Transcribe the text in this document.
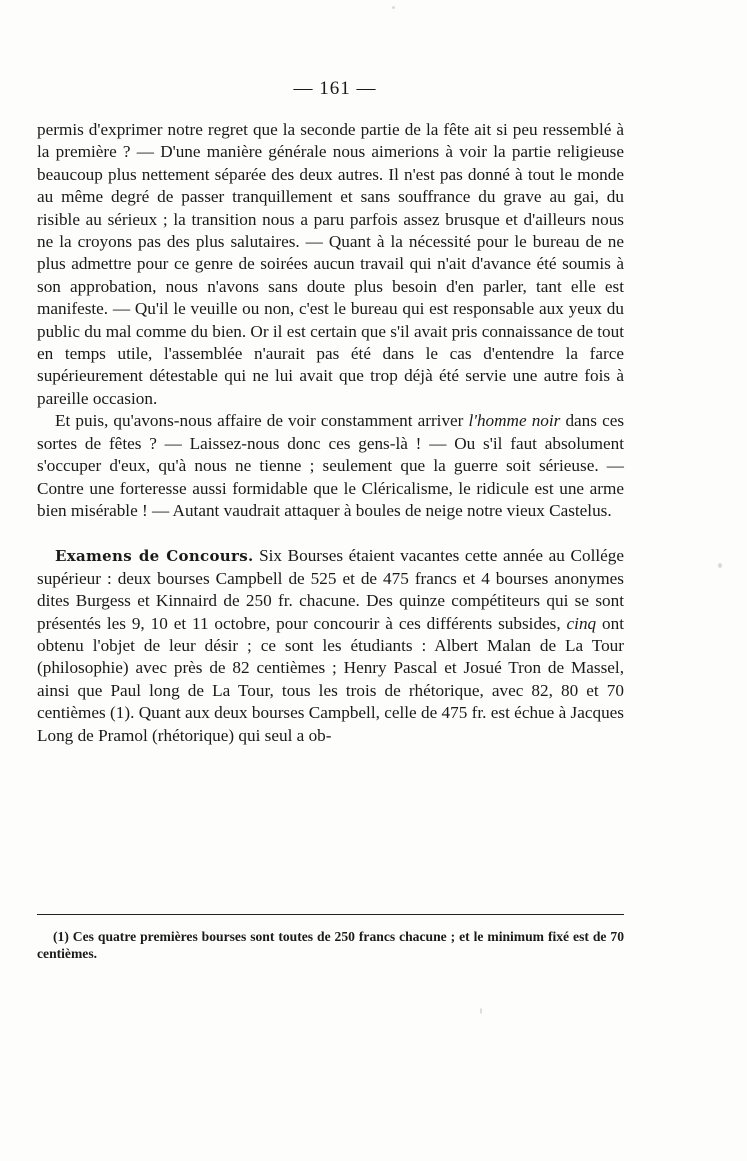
— 161 —

permis d'exprimer notre regret que la seconde partie de la fête ait si peu ressemblé à la première ? — D'une manière générale nous aimerions à voir la partie religieuse beaucoup plus nettement séparée des deux autres. Il n'est pas donné à tout le monde au même degré de passer tranquillement et sans souffrance du grave au gai, du risible au sérieux ; la transition nous a paru parfois assez brusque et d'ailleurs nous ne la croyons pas des plus salutaires. — Quant à la nécessité pour le bureau de ne plus admettre pour ce genre de soirées aucun travail qui n'ait d'avance été soumis à son approbation, nous n'avons sans doute plus besoin d'en parler, tant elle est manifeste. — Qu'il le veuille ou non, c'est le bureau qui est responsable aux yeux du public du mal comme du bien. Or il est certain que s'il avait pris connaissance de tout en temps utile, l'assemblée n'aurait pas été dans le cas d'entendre la farce supérieurement détestable qui ne lui avait que trop déjà été servie une autre fois à pareille occasion.

Et puis, qu'avons-nous affaire de voir constamment arriver l'homme noir dans ces sortes de fêtes ? — Laissez-nous donc ces gens-là ! — Ou s'il faut absolument s'occuper d'eux, qu'à nous ne tienne ; seulement que la guerre soit sérieuse. — Contre une forteresse aussi formidable que le Cléricalisme, le ridicule est une arme bien misérable ! — Autant vaudrait attaquer à boules de neige notre vieux Castelus.

Examens de Concours. Six Bourses étaient vacantes cette année au Collége supérieur : deux bourses Campbell de 525 et de 475 francs et 4 bourses anonymes dites Burgess et Kinnaird de 250 fr. chacune. Des quinze compétiteurs qui se sont présentés les 9, 10 et 11 octobre, pour concourir à ces différents subsides, cinq ont obtenu l'objet de leur désir ; ce sont les étudiants : Albert Malan de La Tour (philosophie) avec près de 82 centièmes ; Henry Pascal et Josué Tron de Massel, ainsi que Paul long de La Tour, tous les trois de rhétorique, avec 82, 80 et 70 centièmes (1). Quant aux deux bourses Campbell, celle de 475 fr. est échue à Jacques Long de Pramol (rhétorique) qui seul a ob-

(1) Ces quatre premières bourses sont toutes de 250 francs chacune ; et le minimum fixé est de 70 centièmes.
